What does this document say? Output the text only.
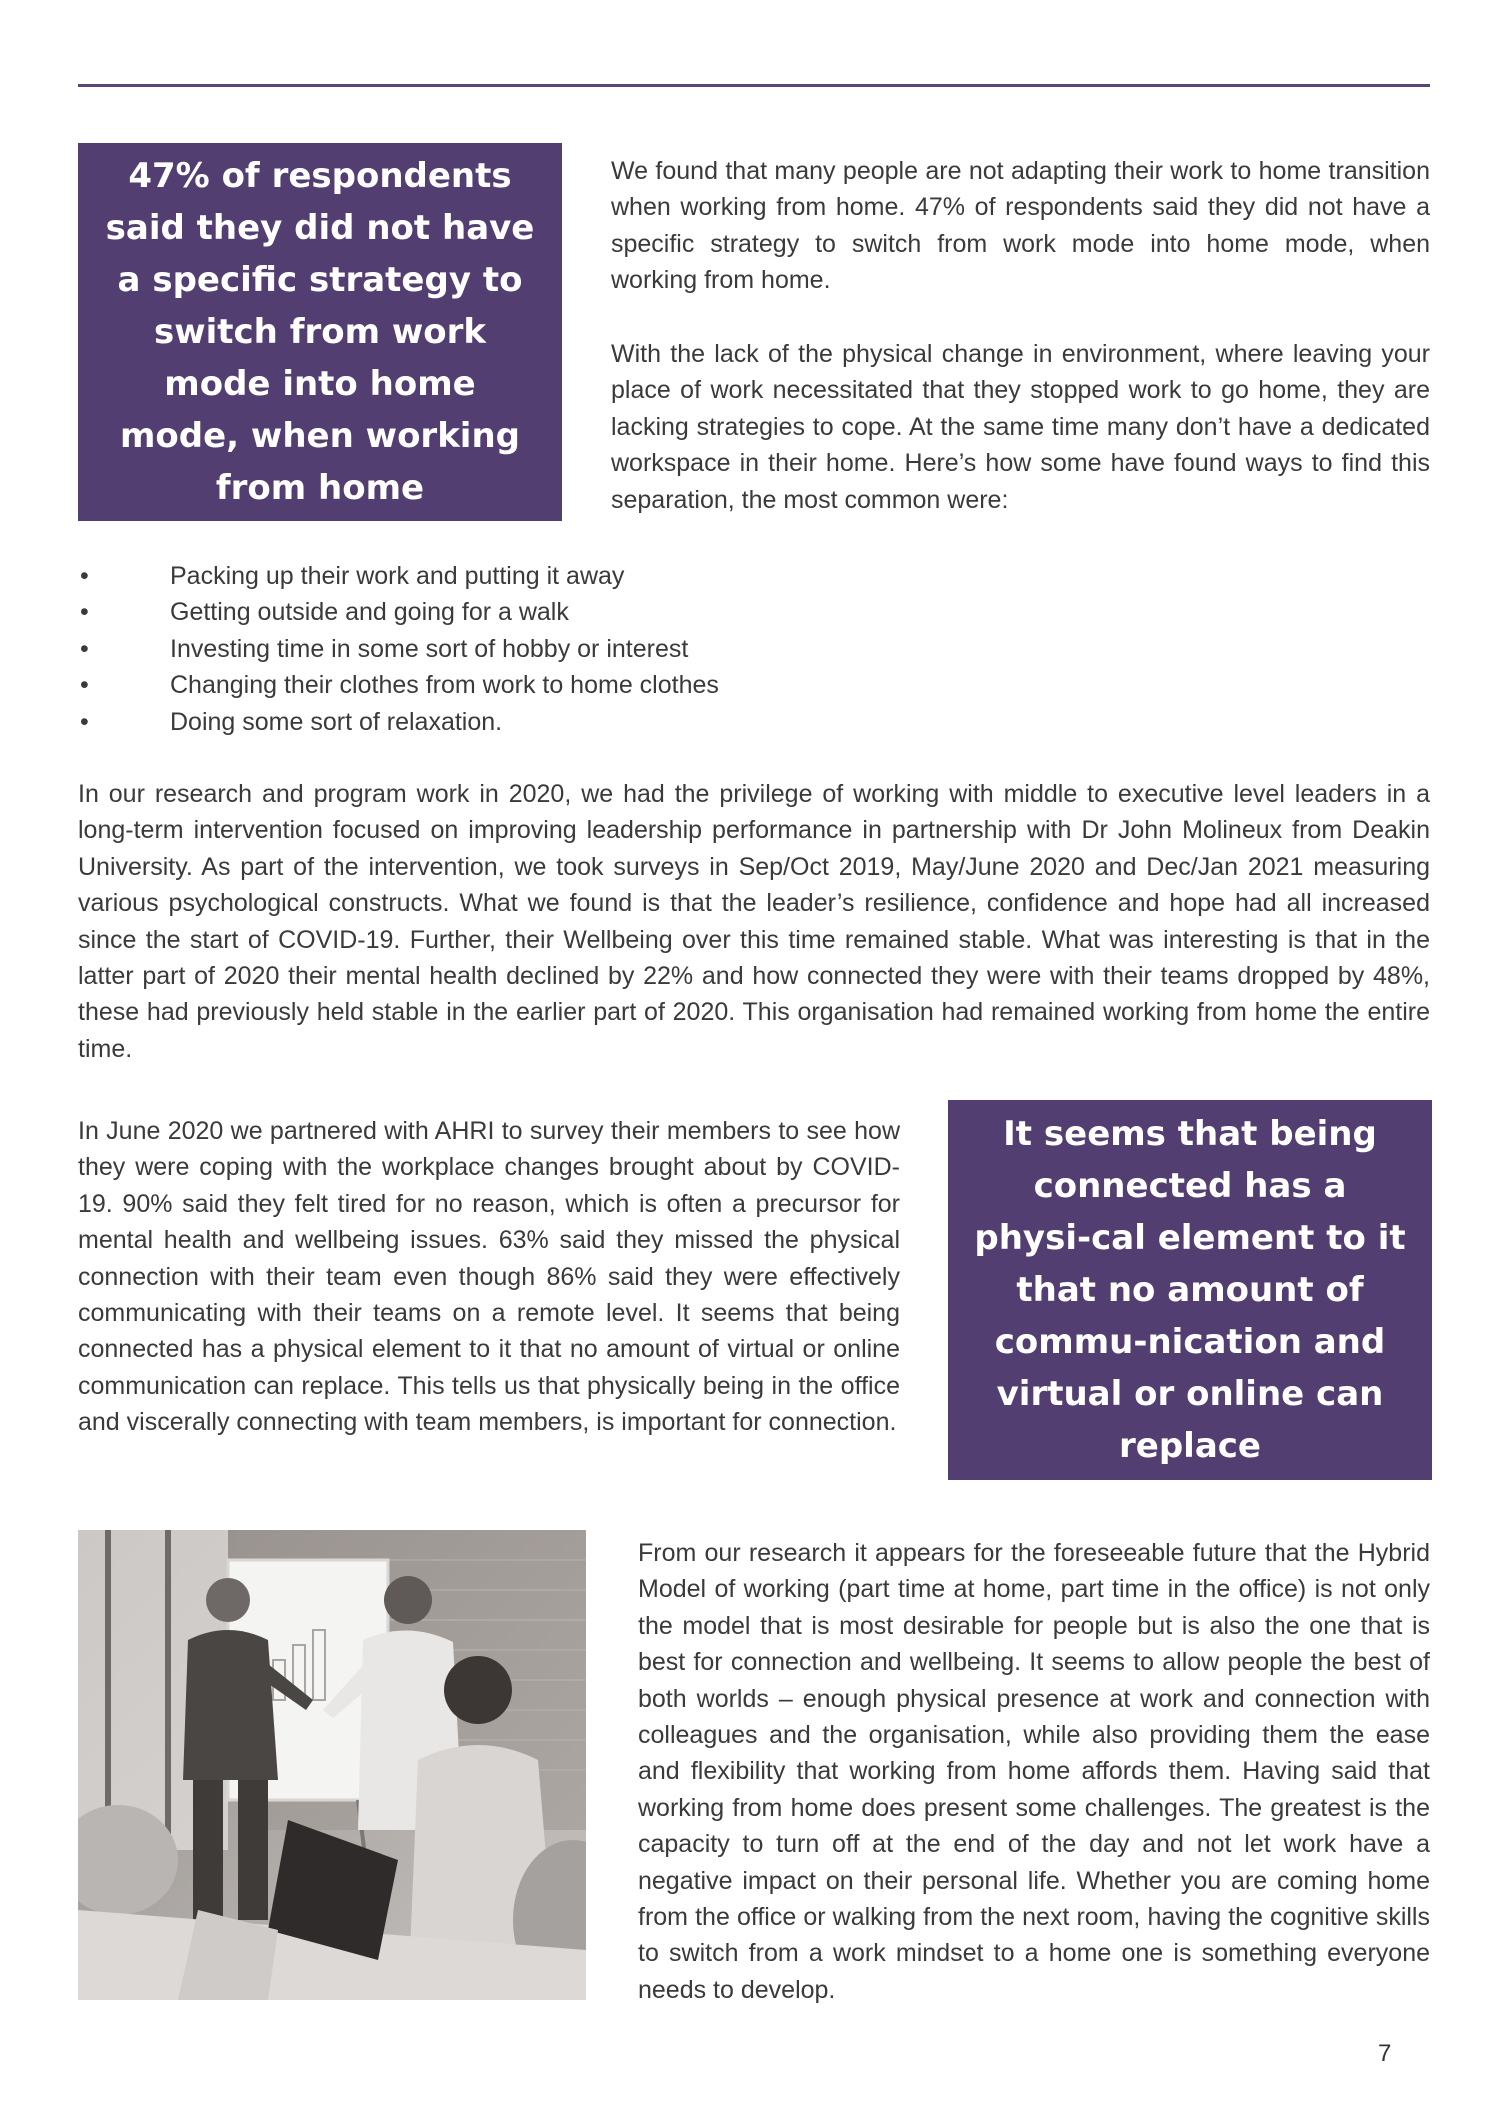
47% of respondents said they did not have a specific strategy to switch from work mode into home mode, when working from home

We found that many people are not adapting their work to home transition when working from home. 47% of respondents said they did not have a specific strategy to switch from work mode into home mode, when working from home.

With the lack of the physical change in environment, where leaving your place of work necessitated that they stopped work to go home, they are lacking strategies to cope. At the same time many don’t have a dedicated workspace in their home. Here’s how some have found ways to find this separation, the most common were:

•	Packing up their work and putting it away
•	Getting outside and going for a walk
•	Investing time in some sort of hobby or interest
•	Changing their clothes from work to home clothes
•	Doing some sort of relaxation.

In our research and program work in 2020, we had the privilege of working with middle to executive level leaders in a long-term intervention focused on improving leadership performance in partnership with Dr John Molineux from Deakin University. As part of the intervention, we took surveys in Sep/Oct 2019, May/June 2020 and Dec/Jan 2021 measuring various psychological constructs. What we found is that the leader’s resilience, confidence and hope had all increased since the start of COVID-19. Further, their Wellbeing over this time remained stable. What was interesting is that in the latter part of 2020 their mental health declined by 22% and how connected they were with their teams dropped by 48%, these had previously held stable in the earlier part of 2020. This organisation had remained working from home the entire time.

In June 2020 we partnered with AHRI to survey their members to see how they were coping with the workplace changes brought about by COVID-19. 90% said they felt tired for no reason, which is often a precursor for mental health and wellbeing issues. 63% said they missed the physical connection with their team even though 86% said they were effectively communicating with their teams on a remote level. It seems that being connected has a physical element to it that no amount of virtual or online communication can replace. This tells us that physically being in the office and viscerally connecting with team members, is important for connection.

It seems that being connected has a physi-cal element to it that no amount of commu-nication and virtual or online can replace

From our research it appears for the foreseeable future that the Hybrid Model of working (part time at home, part time in the office) is not only the model that is most desirable for people but is also the one that is best for connection and wellbeing. It seems to allow people the best of both worlds – enough physical presence at work and connection with colleagues and the organisation, while also providing them the ease and flexibility that working from home affords them. Having said that working from home does present some challenges. The greatest is the capacity to turn off at the end of the day and not let work have a negative impact on their personal life. Whether you are coming home from the office or walking from the next room, having the cognitive skills to switch from a work mindset to a home one is something everyone needs to develop.

7
